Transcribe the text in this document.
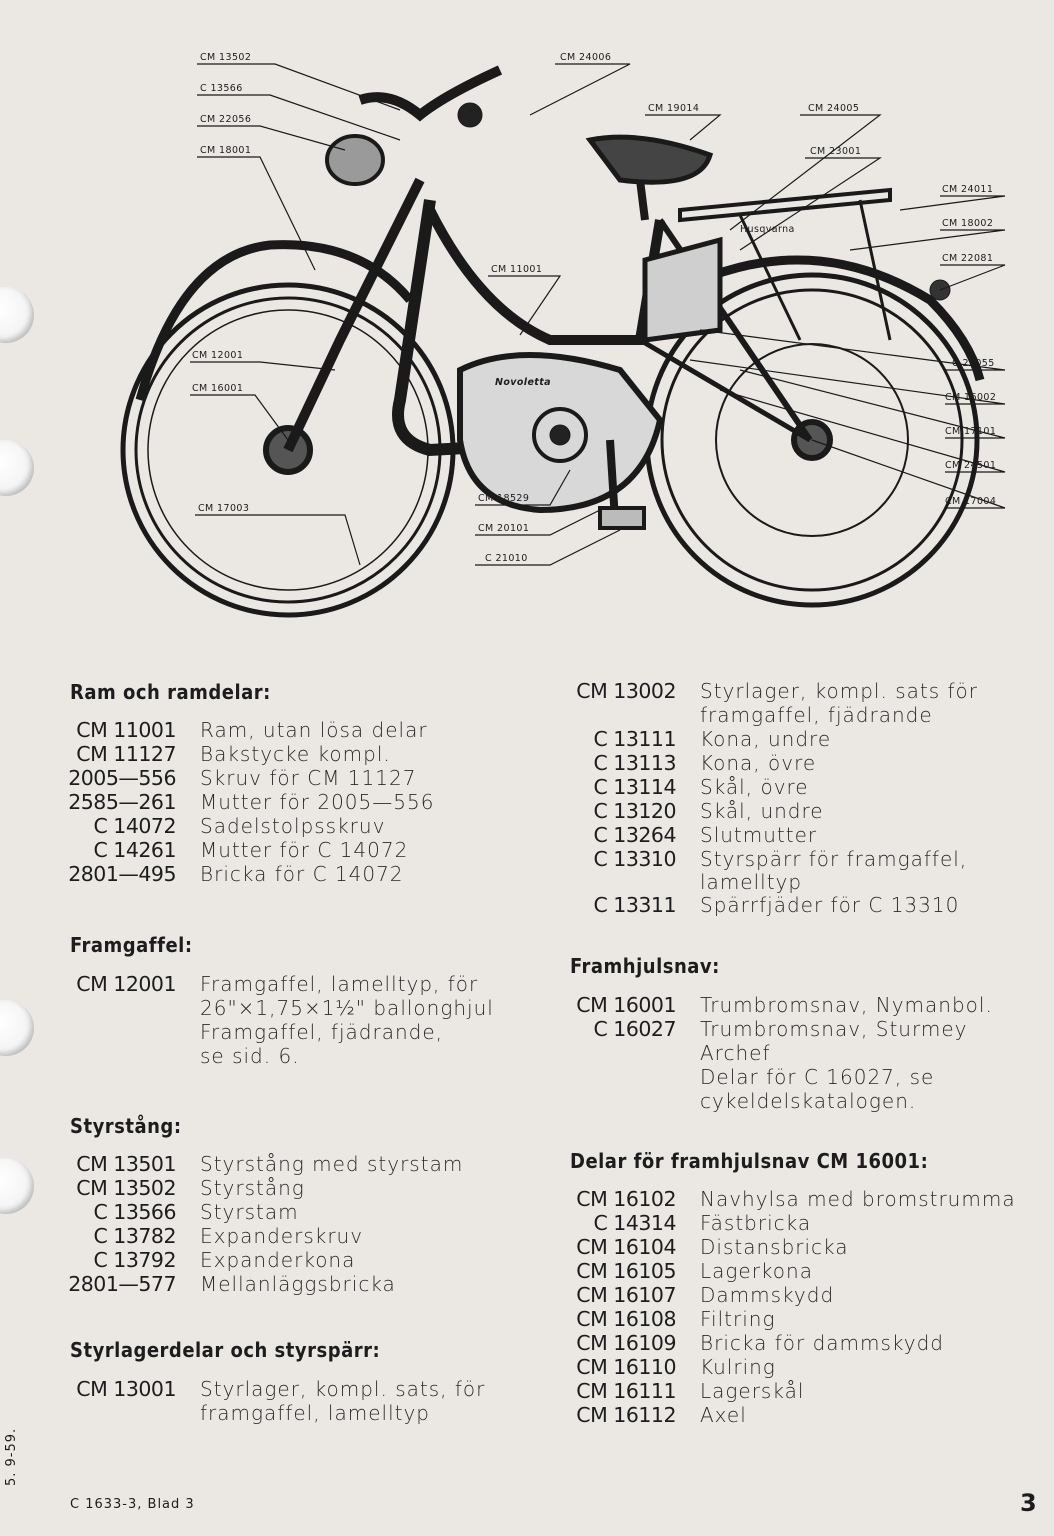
Husqvarna
Novoletta
CM 13502
C 13566
CM 22056
CM 18001
CM 24006
CM 19014	CM 24005
CM 23001
CM 24011
CM 18002
CM 22081
CM 11001
CM 12001
CM 16001
C 29055
CM 16002
CM 17101
CM 24501
CM 17004
CM 17003
CM 18529
CM 20101
C 21010
Ram och ramdelar:
CM 11001 Ram, utan lösa delar
CM 11127 Bakstycke kompl.
2005—556 Skruv för CM 11127
2585—261 Mutter för 2005—556
C 14072 Sadelstolpsskruv
C 14261 Mutter för C 14072
2801—495 Bricka för C 14072
Framgaffel:
CM 12001 Framgaffel, lamelltyp, för
26"×1,75×1½" ballonghjul
Framgaffel, fjädrande,
se sid. 6.
Styrstång:
CM 13501 Styrstång med styrstam
CM 13502 Styrstång
C 13566 Styrstam
C 13782 Expanderskruv
C 13792 Expanderkona
2801—577 Mellanläggsbricka
Styrlagerdelar och styrspärr:
CM 13001 Styrlager, kompl. sats, för
framgaffel, lamelltyp
CM 13002 Styrlager, kompl. sats för
framgaffel, fjädrande
C 13111 Kona, undre
C 13113 Kona, övre
C 13114 Skål, övre
C 13120 Skål, undre
C 13264 Slutmutter
C 13310 Styrspärr för framgaffel,
lamelltyp
C 13311 Spärrfjäder för C 13310
Framhjulsnav:
CM 16001 Trumbromsnav, Nymanbol.
C 16027 Trumbromsnav, Sturmey
Archef
Delar för C 16027, se
cykeldelskatalogen.
Delar för framhjulsnav CM 16001:
CM 16102 Navhylsa med bromstrumma
C 14314 Fästbricka
CM 16104 Distansbricka
CM 16105 Lagerkona
CM 16107 Dammskydd
CM 16108 Filtring
CM 16109 Bricka för dammskydd
CM 16110 Kulring
CM 16111 Lagerskål
CM 16112 Axel
C 1633-3, Blad 3	3
5. 9-59.
